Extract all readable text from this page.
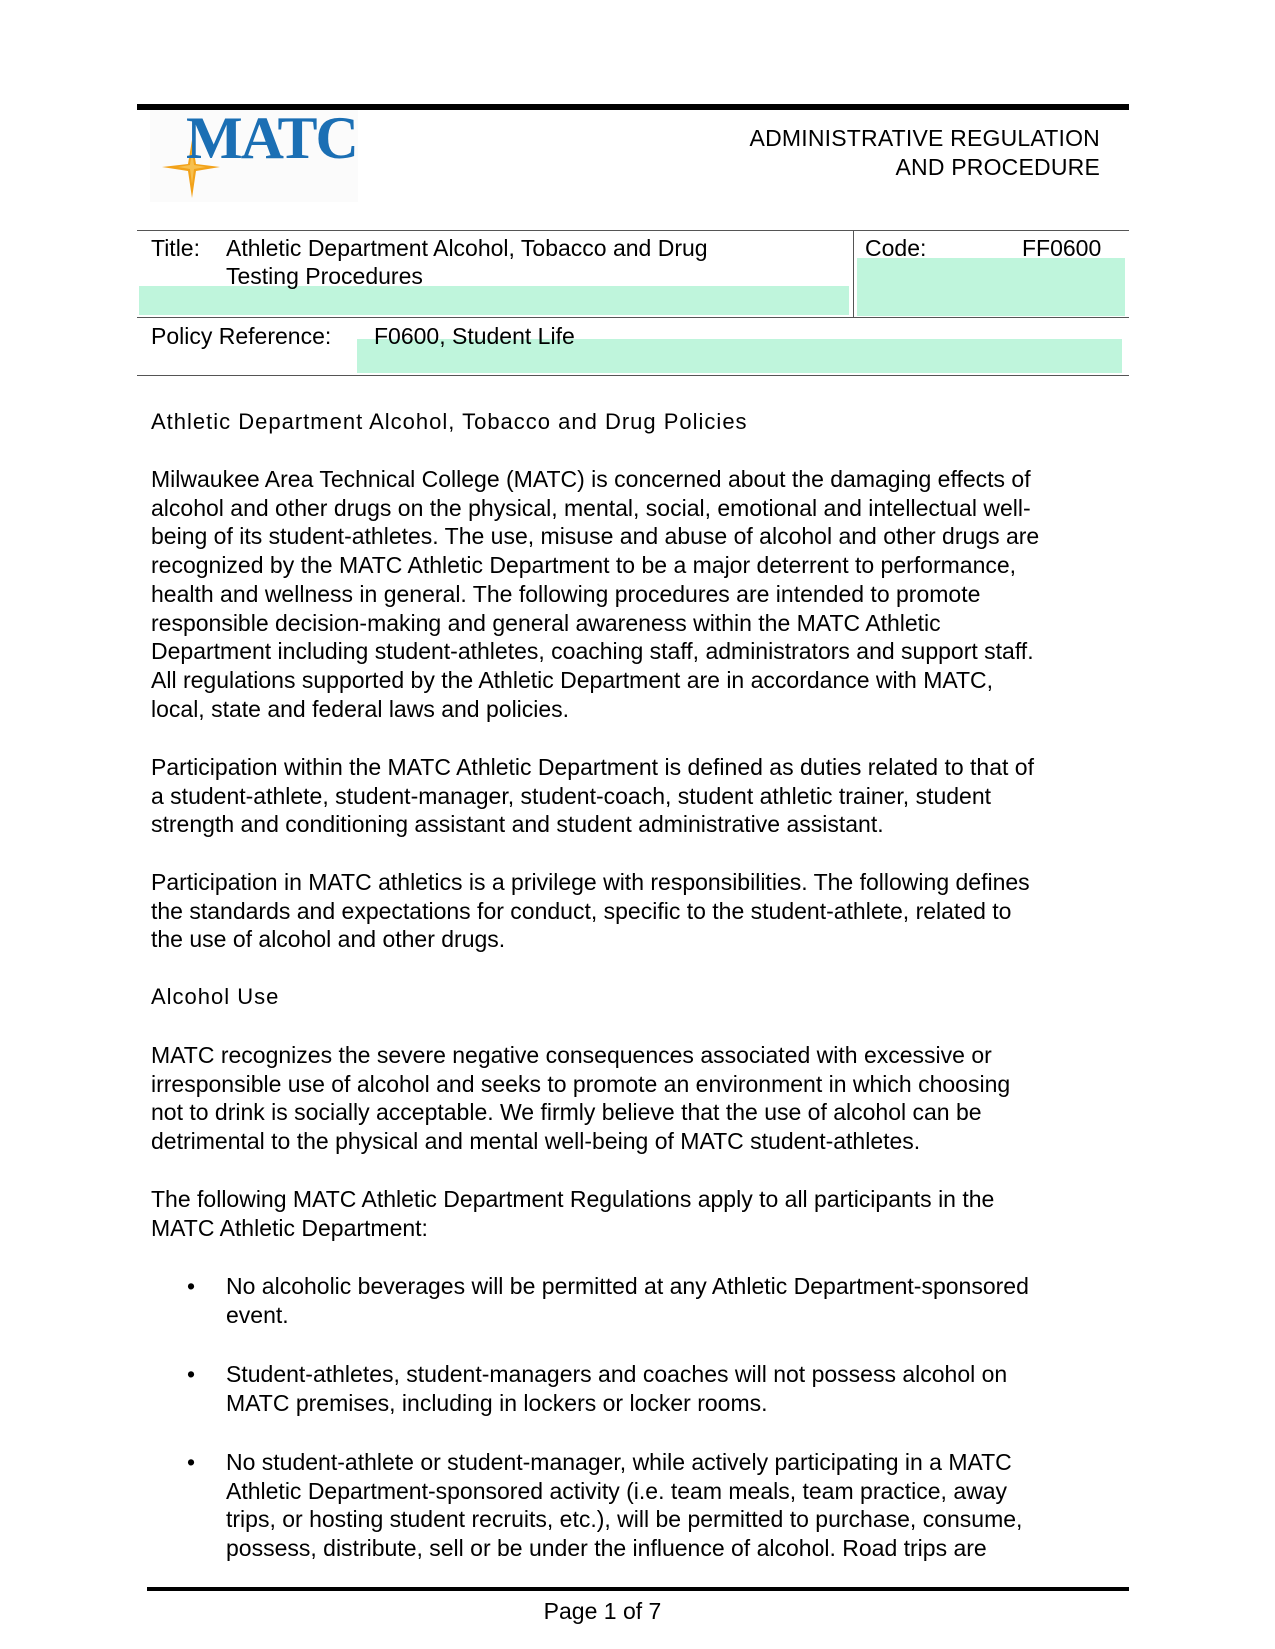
MATC	ADMINISTRATIVE REGULATION
AND PROCEDURE
Title: Athletic Department Alcohol, Tobacco and Drug
Testing Procedures
Code:	FF0600
Policy Reference: F0600, Student Life
Athletic Department Alcohol, Tobacco and Drug Policies
Milwaukee Area Technical College (MATC) is concerned about the damaging effects of
alcohol and other drugs on the physical, mental, social, emotional and intellectual well-
being of its student-athletes. The use, misuse and abuse of alcohol and other drugs are
recognized by the MATC Athletic Department to be a major deterrent to performance,
health and wellness in general. The following procedures are intended to promote
responsible decision-making and general awareness within the MATC Athletic
Department including student-athletes, coaching staff, administrators and support staff.
All regulations supported by the Athletic Department are in accordance with MATC,
local, state and federal laws and policies.
Participation within the MATC Athletic Department is defined as duties related to that of
a student-athlete, student-manager, student-coach, student athletic trainer, student
strength and conditioning assistant and student administrative assistant.
Participation in MATC athletics is a privilege with responsibilities. The following defines
the standards and expectations for conduct, specific to the student-athlete, related to
the use of alcohol and other drugs.
Alcohol Use
MATC recognizes the severe negative consequences associated with excessive or
irresponsible use of alcohol and seeks to promote an environment in which choosing
not to drink is socially acceptable. We firmly believe that the use of alcohol can be
detrimental to the physical and mental well-being of MATC student-athletes.
The following MATC Athletic Department Regulations apply to all participants in the
MATC Athletic Department:
• No alcoholic beverages will be permitted at any Athletic Department-sponsored
event.
• Student-athletes, student-managers and coaches will not possess alcohol on
MATC premises, including in lockers or locker rooms.
• No student-athlete or student-manager, while actively participating in a MATC
Athletic Department-sponsored activity (i.e. team meals, team practice, away
trips, or hosting student recruits, etc.), will be permitted to purchase, consume,
possess, distribute, sell or be under the influence of alcohol. Road trips are
Page 1 of 7
